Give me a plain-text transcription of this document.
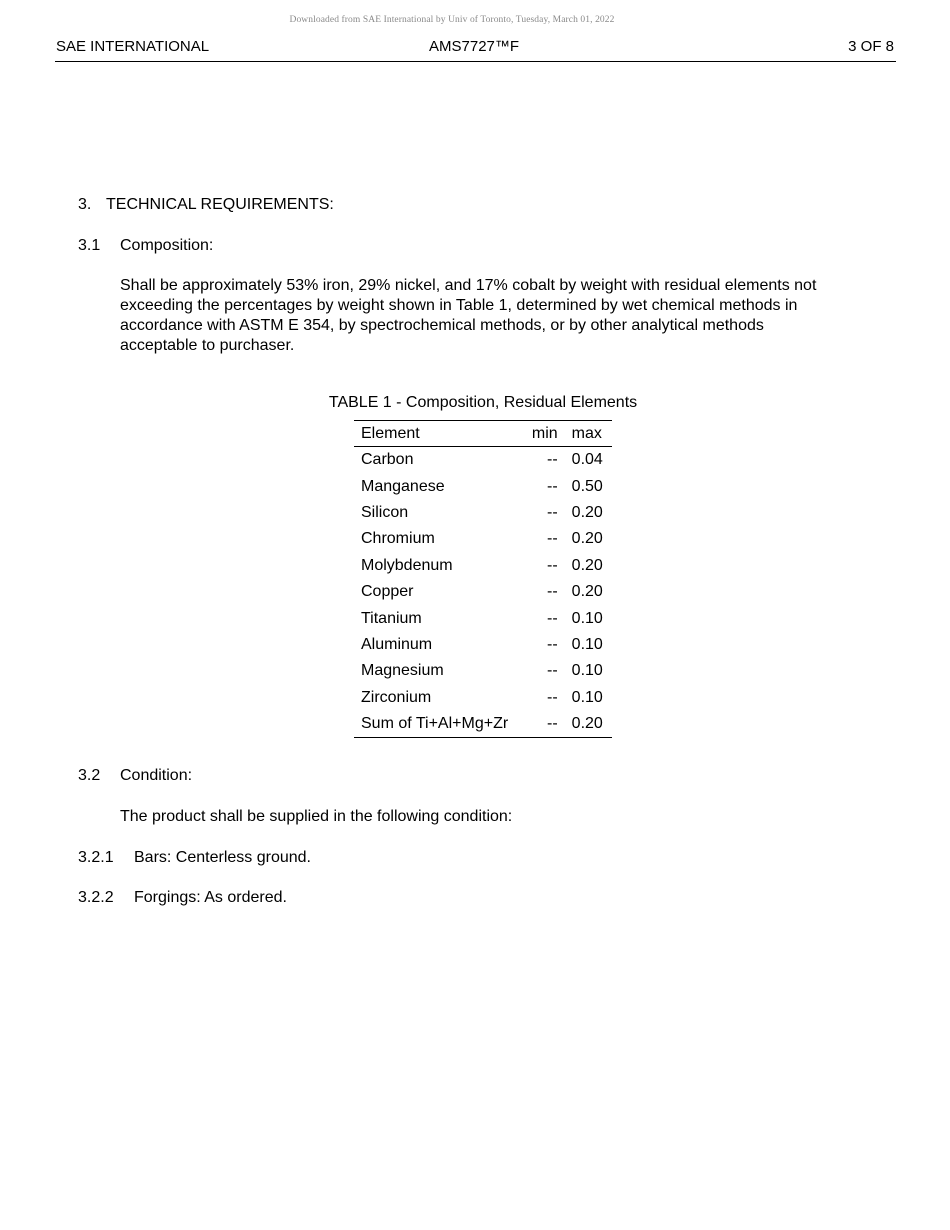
Downloaded from SAE International by Univ of Toronto, Tuesday, March 01, 2022
SAE INTERNATIONAL	AMS7727™F	3 OF 8
3. TECHNICAL REQUIREMENTS:
3.1 Composition:
Shall be approximately 53% iron, 29% nickel, and 17% cobalt by weight with residual elements not
exceeding the percentages by weight shown in Table 1, determined by wet chemical methods in
accordance with ASTM E 354, by spectrochemical methods, or by other analytical methods
acceptable to purchaser.
TABLE 1 - Composition, Residual Elements
Element	min	max
Carbon	--	0.04
Manganese	--	0.50
Silicon	--	0.20
Chromium	--	0.20
Molybdenum	--	0.20
Copper	--	0.20
Titanium	--	0.10
Aluminum	--	0.10
Magnesium	--	0.10
Zirconium	--	0.10
Sum of Ti+Al+Mg+Zr	--	0.20
3.2 Condition:
The product shall be supplied in the following condition:
3.2.1 Bars: Centerless ground.
3.2.2 Forgings: As ordered.
